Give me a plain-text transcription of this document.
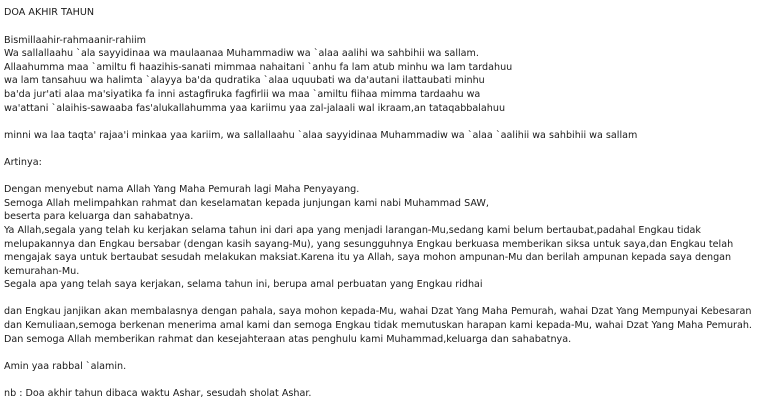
DOA AKHIR TAHUN
Bismillaahir-rahmaanir-rahiim
Wa sallallaahu `ala sayyidinaa wa maulaanaa Muhammadiw wa `alaa aalihi wa sahbihii wa sallam.
Allaahumma maa `amiltu fi haazihis-sanati mimmaa nahaitani `anhu fa lam atub minhu wa lam tardahuu
wa lam tansahuu wa halimta `alayya ba'da qudratika `alaa uquubati wa da'autani ilattaubati minhu
ba'da jur'ati alaa ma'siyatika fa inni astagfiruka fagfirlii wa maa `amiltu fiihaa mimma tardaahu wa
wa'attani `alaihis-sawaaba fas'alukallahumma yaa kariimu yaa zal-jalaali wal ikraam,an tataqabbalahuu
minni wa laa taqta' rajaa'i minkaa yaa kariim, wa sallallaahu `alaa sayyidinaa Muhammadiw wa `alaa `aalihii wa sahbihii wa sallam
Artinya:
Dengan menyebut nama Allah Yang Maha Pemurah lagi Maha Penyayang.
Semoga Allah melimpahkan rahmat dan keselamatan kepada junjungan kami nabi Muhammad SAW,
beserta para keluarga dan sahabatnya.
Ya Allah,segala yang telah ku kerjakan selama tahun ini dari apa yang menjadi larangan-Mu,sedang kami belum bertaubat,padahal Engkau tidak
melupakannya dan Engkau bersabar (dengan kasih sayang-Mu), yang sesungguhnya Engkau berkuasa memberikan siksa untuk saya,dan Engkau telah
mengajak saya untuk bertaubat sesudah melakukan maksiat.Karena itu ya Allah, saya mohon ampunan-Mu dan berilah ampunan kepada saya dengan
kemurahan-Mu.
Segala apa yang telah saya kerjakan, selama tahun ini, berupa amal perbuatan yang Engkau ridhai
dan Engkau janjikan akan membalasnya dengan pahala, saya mohon kepada-Mu, wahai Dzat Yang Maha Pemurah, wahai Dzat Yang Mempunyai Kebesaran
dan Kemuliaan,semoga berkenan menerima amal kami dan semoga Engkau tidak memutuskan harapan kami kepada-Mu, wahai Dzat Yang Maha Pemurah.
Dan semoga Allah memberikan rahmat dan kesejahteraan atas penghulu kami Muhammad,keluarga dan sahabatnya.
Amin yaa rabbal `alamin.
nb : Doa akhir tahun dibaca waktu Ashar, sesudah sholat Ashar.
